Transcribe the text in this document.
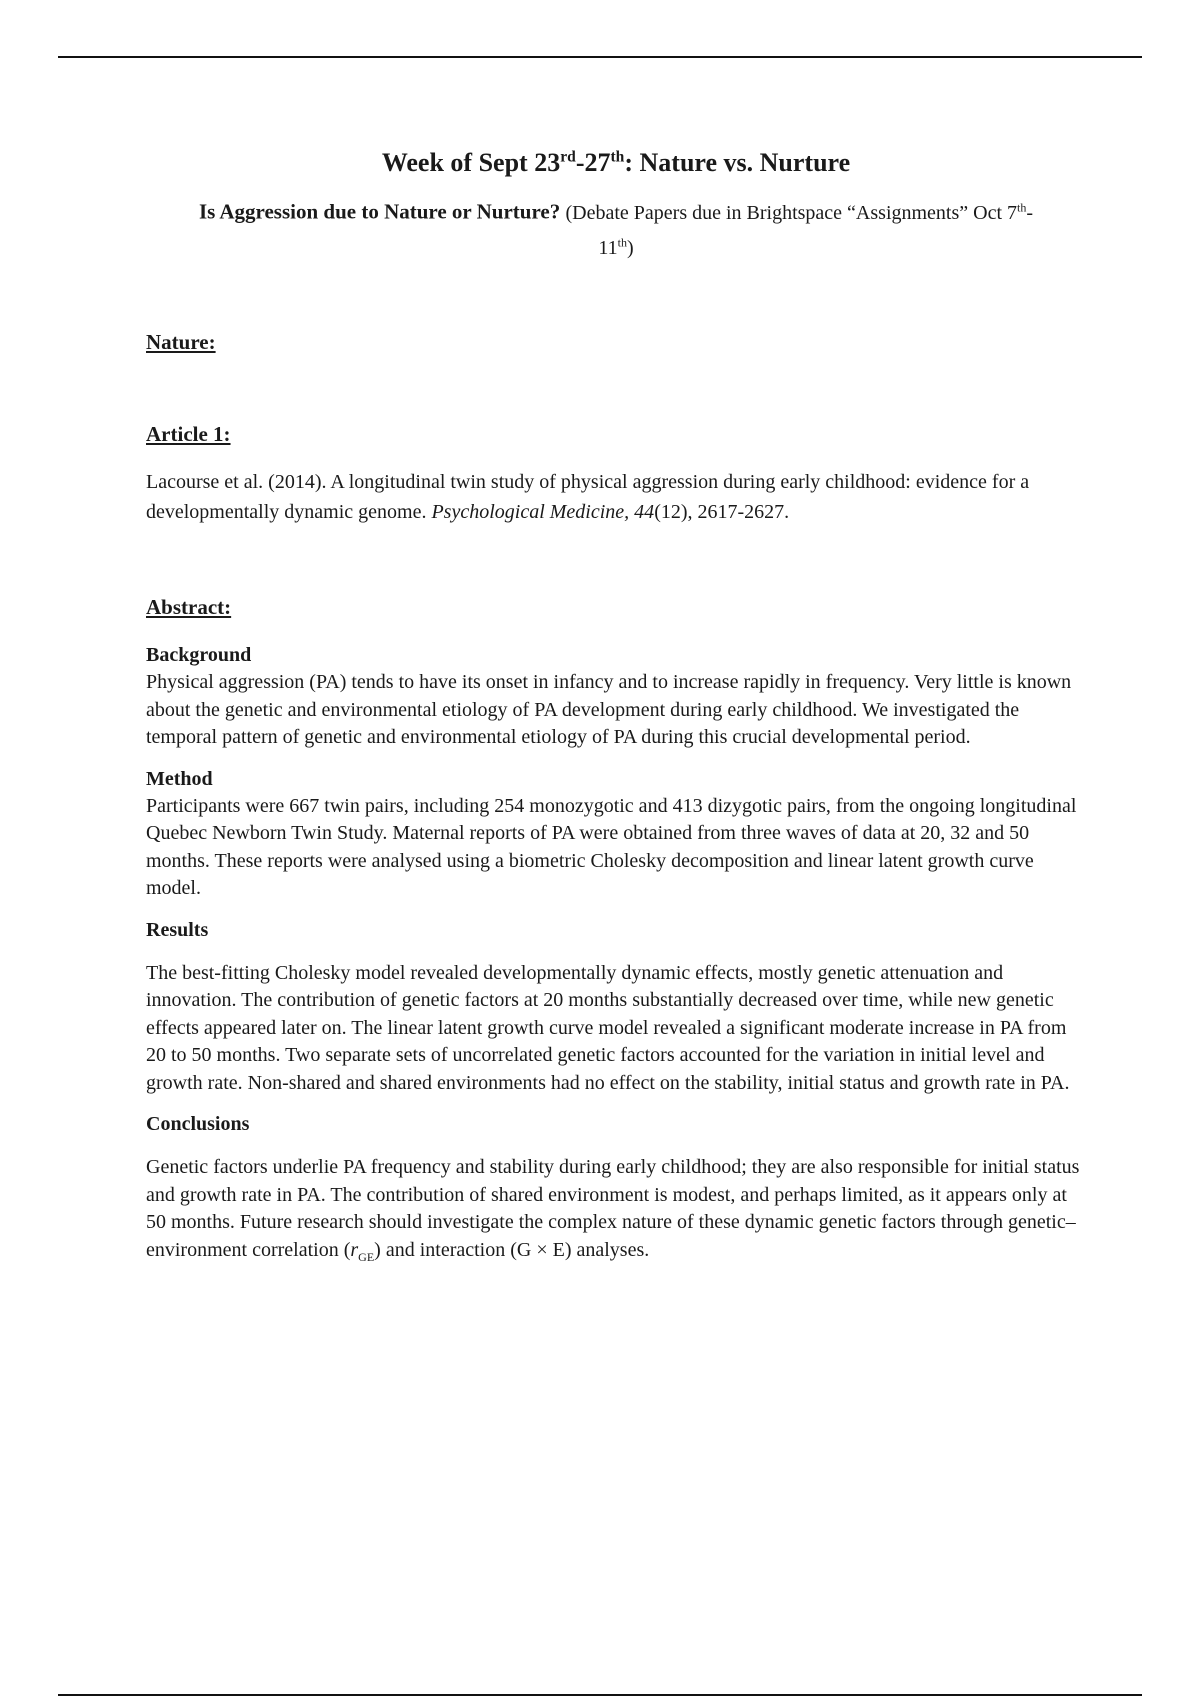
Week of Sept 23rd-27th: Nature vs. Nurture

Is Aggression due to Nature or Nurture? (Debate Papers due in Brightspace “Assignments” Oct 7th-
11th)

Nature:

Article 1:

Lacourse et al. (2014). A longitudinal twin study of physical aggression during early childhood: evidence for a developmentally dynamic genome. Psychological Medicine, 44(12), 2617-2627.

Abstract:

Background

Physical aggression (PA) tends to have its onset in infancy and to increase rapidly in frequency. Very little is known about the genetic and environmental etiology of PA development during early childhood. We investigated the temporal pattern of genetic and environmental etiology of PA during this crucial developmental period.

Method

Participants were 667 twin pairs, including 254 monozygotic and 413 dizygotic pairs, from the ongoing longitudinal Quebec Newborn Twin Study. Maternal reports of PA were obtained from three waves of data at 20, 32 and 50 months. These reports were analysed using a biometric Cholesky decomposition and linear latent growth curve model.

Results

The best-fitting Cholesky model revealed developmentally dynamic effects, mostly genetic attenuation and innovation. The contribution of genetic factors at 20 months substantially decreased over time, while new genetic effects appeared later on. The linear latent growth curve model revealed a significant moderate increase in PA from 20 to 50 months. Two separate sets of uncorrelated genetic factors accounted for the variation in initial level and growth rate. Non-shared and shared environments had no effect on the stability, initial status and growth rate in PA.

Conclusions

Genetic factors underlie PA frequency and stability during early childhood; they are also responsible for initial status and growth rate in PA. The contribution of shared environment is modest, and perhaps limited, as it appears only at 50 months. Future research should investigate the complex nature of these dynamic genetic factors through genetic–environment correlation $(r_{GE})$ and interaction (G × E) analyses.
